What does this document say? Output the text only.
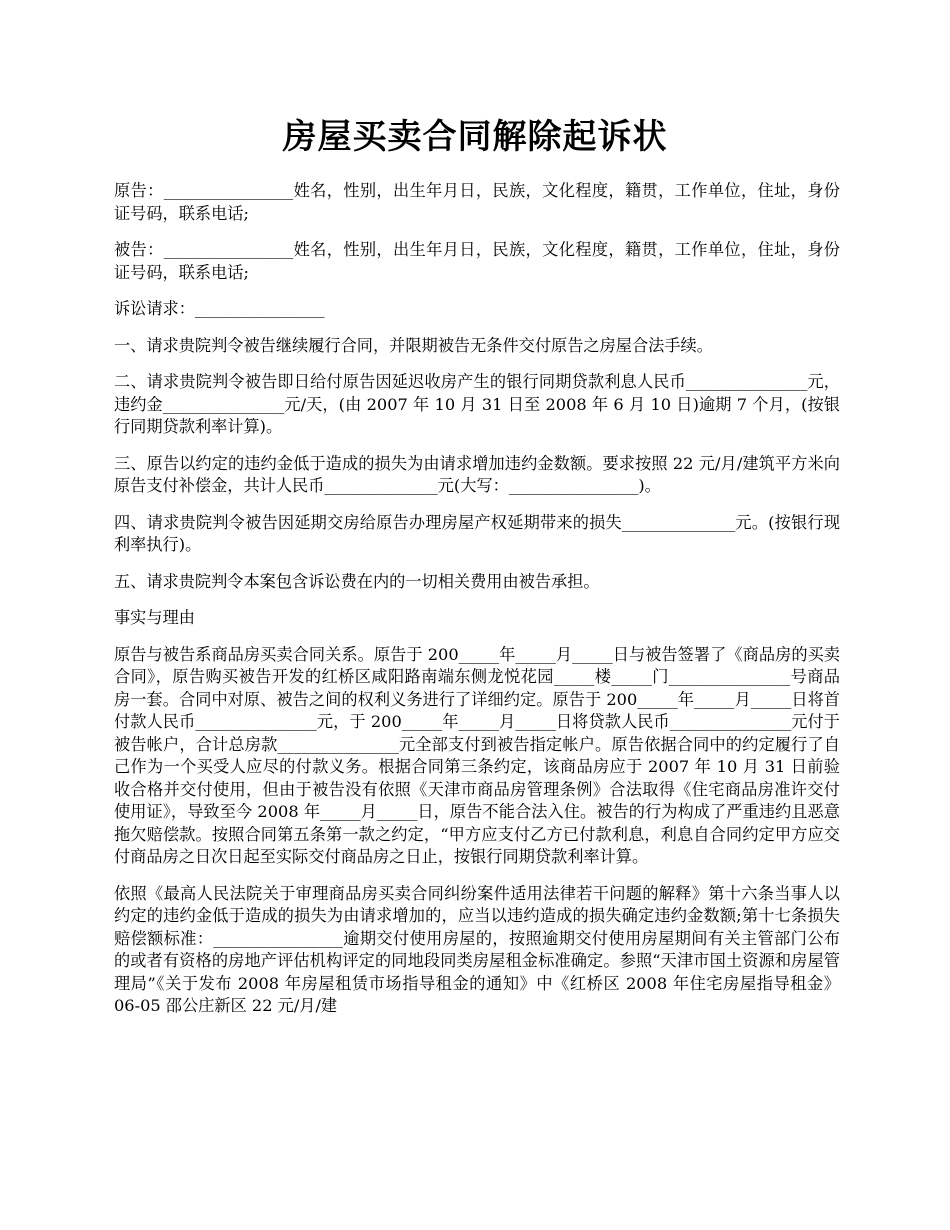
房屋买卖合同解除起诉状

原告：________________姓名，性别，出生年月日，民族，文化程度，籍贯，工作单位，住址，身份证号码，联系电话;

被告：________________姓名，性别，出生年月日，民族，文化程度，籍贯，工作单位，住址，身份证号码，联系电话;

诉讼请求：________________

一、请求贵院判令被告继续履行合同，并限期被告无条件交付原告之房屋合法手续。

二、请求贵院判令被告即日给付原告因延迟收房产生的银行同期贷款利息人民币_______________元，违约金_______________元/天，(由 2007 年 10 月 31 日至 2008 年 6 月 10 日)逾期 7 个月，(按银行同期贷款利率计算)。

三、原告以约定的违约金低于造成的损失为由请求增加违约金数额。要求按照 22 元/月/建筑平方米向原告支付补偿金，共计人民币______________元(大写：________________)。

四、请求贵院判令被告因延期交房给原告办理房屋产权延期带来的损失______________元。(按银行现利率执行)。

五、请求贵院判令本案包含诉讼费在内的一切相关费用由被告承担。

事实与理由

原告与被告系商品房买卖合同关系。原告于 200_____年_____月_____日与被告签署了《商品房的买卖合同》，原告购买被告开发的红桥区咸阳路南端东侧龙悦花园_____楼_____门_______________号商品房一套。合同中对原、被告之间的权利义务进行了详细约定。原告于 200_____年_____月_____日将首付款人民币_______________元，于 200_____年_____月_____日将贷款人民币_______________元付于被告帐户，合计总房款_______________元全部支付到被告指定帐户。原告依据合同中的约定履行了自己作为一个买受人应尽的付款义务。根据合同第三条约定，该商品房应于 2007 年 10 月 31 日前验收合格并交付使用，但由于被告没有依照《天津市商品房管理条例》合法取得《住宅商品房准许交付使用证》，导致至今 2008 年_____月_____日，原告不能合法入住。被告的行为构成了严重违约且恶意拖欠赔偿款。按照合同第五条第一款之约定，“甲方应支付乙方已付款利息，利息自合同约定甲方应交付商品房之日次日起至实际交付商品房之日止，按银行同期贷款利率计算。

依照《最高人民法院关于审理商品房买卖合同纠纷案件适用法律若干问题的解释》第十六条当事人以约定的违约金低于造成的损失为由请求增加的，应当以违约造成的损失确定违约金数额;第十七条损失赔偿额标准：________________逾期交付使用房屋的，按照逾期交付使用房屋期间有关主管部门公布的或者有资格的房地产评估机构评定的同地段同类房屋租金标准确定。参照“天津市国土资源和房屋管理局”《关于发布 2008 年房屋租赁市场指导租金的通知》中《红桥区 2008 年住宅房屋指导租金》06-05 邵公庄新区 22 元/月/建
